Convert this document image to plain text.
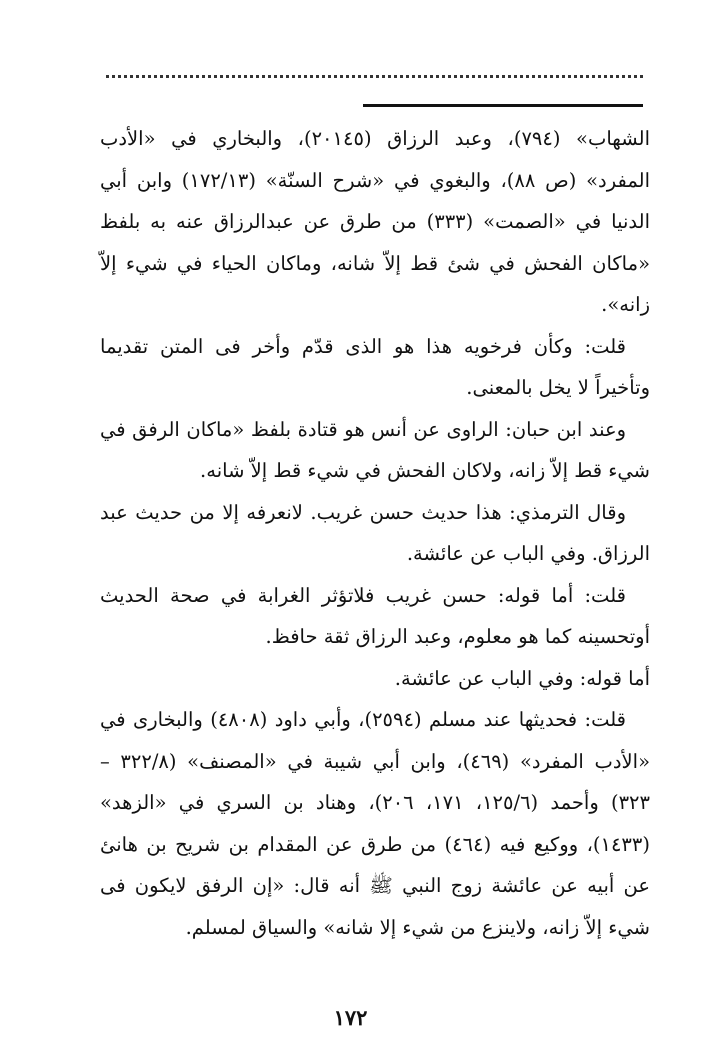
الشهاب» (٧٩٤)، وعبد الرزاق (٢٠١٤٥)، والبخاري في «الأدب المفرد» (ص ٨٨)، والبغوي في «شرح السنّة» (١٧٢/١٣) وابن أبي الدنيا في «الصمت» (٣٣٣) من طرق عن عبدالرزاق عنه به بلفظ «ماكان الفحش في شئ قط إلاّ شانه، وماكان الحياء في شيء إلاّ زانه».

قلت: وكأن فرخويه هذا هو الذى قدّم وأخر فى المتن تقديما وتأخيراً لا يخل بالمعنى.

وعند ابن حبان: الراوى عن أنس هو قتادة بلفظ «ماكان الرفق في شيء قط إلاّ زانه، ولاكان الفحش في شيء قط إلاّ شانه.

وقال الترمذي: هذا حديث حسن غريب. لانعرفه إلا من حديث عبد الرزاق. وفي الباب عن عائشة.

قلت: أما قوله: حسن غريب فلاتؤثر الغرابة في صحة الحديث أوتحسينه كما هو معلوم، وعبد الرزاق ثقة حافظ.

أما قوله: وفي الباب عن عائشة.

قلت: فحديثها عند مسلم (٢٥٩٤)، وأبي داود (٤٨٠٨) والبخارى في «الأدب المفرد» (٤٦٩)، وابن أبي شيبة في «المصنف» (٣٢٢/٨ – ٣٢٣) وأحمد (١٢٥/٦، ١٧١، ٢٠٦)، وهناد بن السري في «الزهد» (١٤٣٣)، ووكيع فيه (٤٦٤) من طرق عن المقدام بن شريح بن هانئ عن أبيه عن عائشة زوج النبي ﷺ أنه قال: «إن الرفق لايكون فى شيء إلاّ زانه، ولاينزع من شيء إلا شانه» والسياق لمسلم.

١٧٢
